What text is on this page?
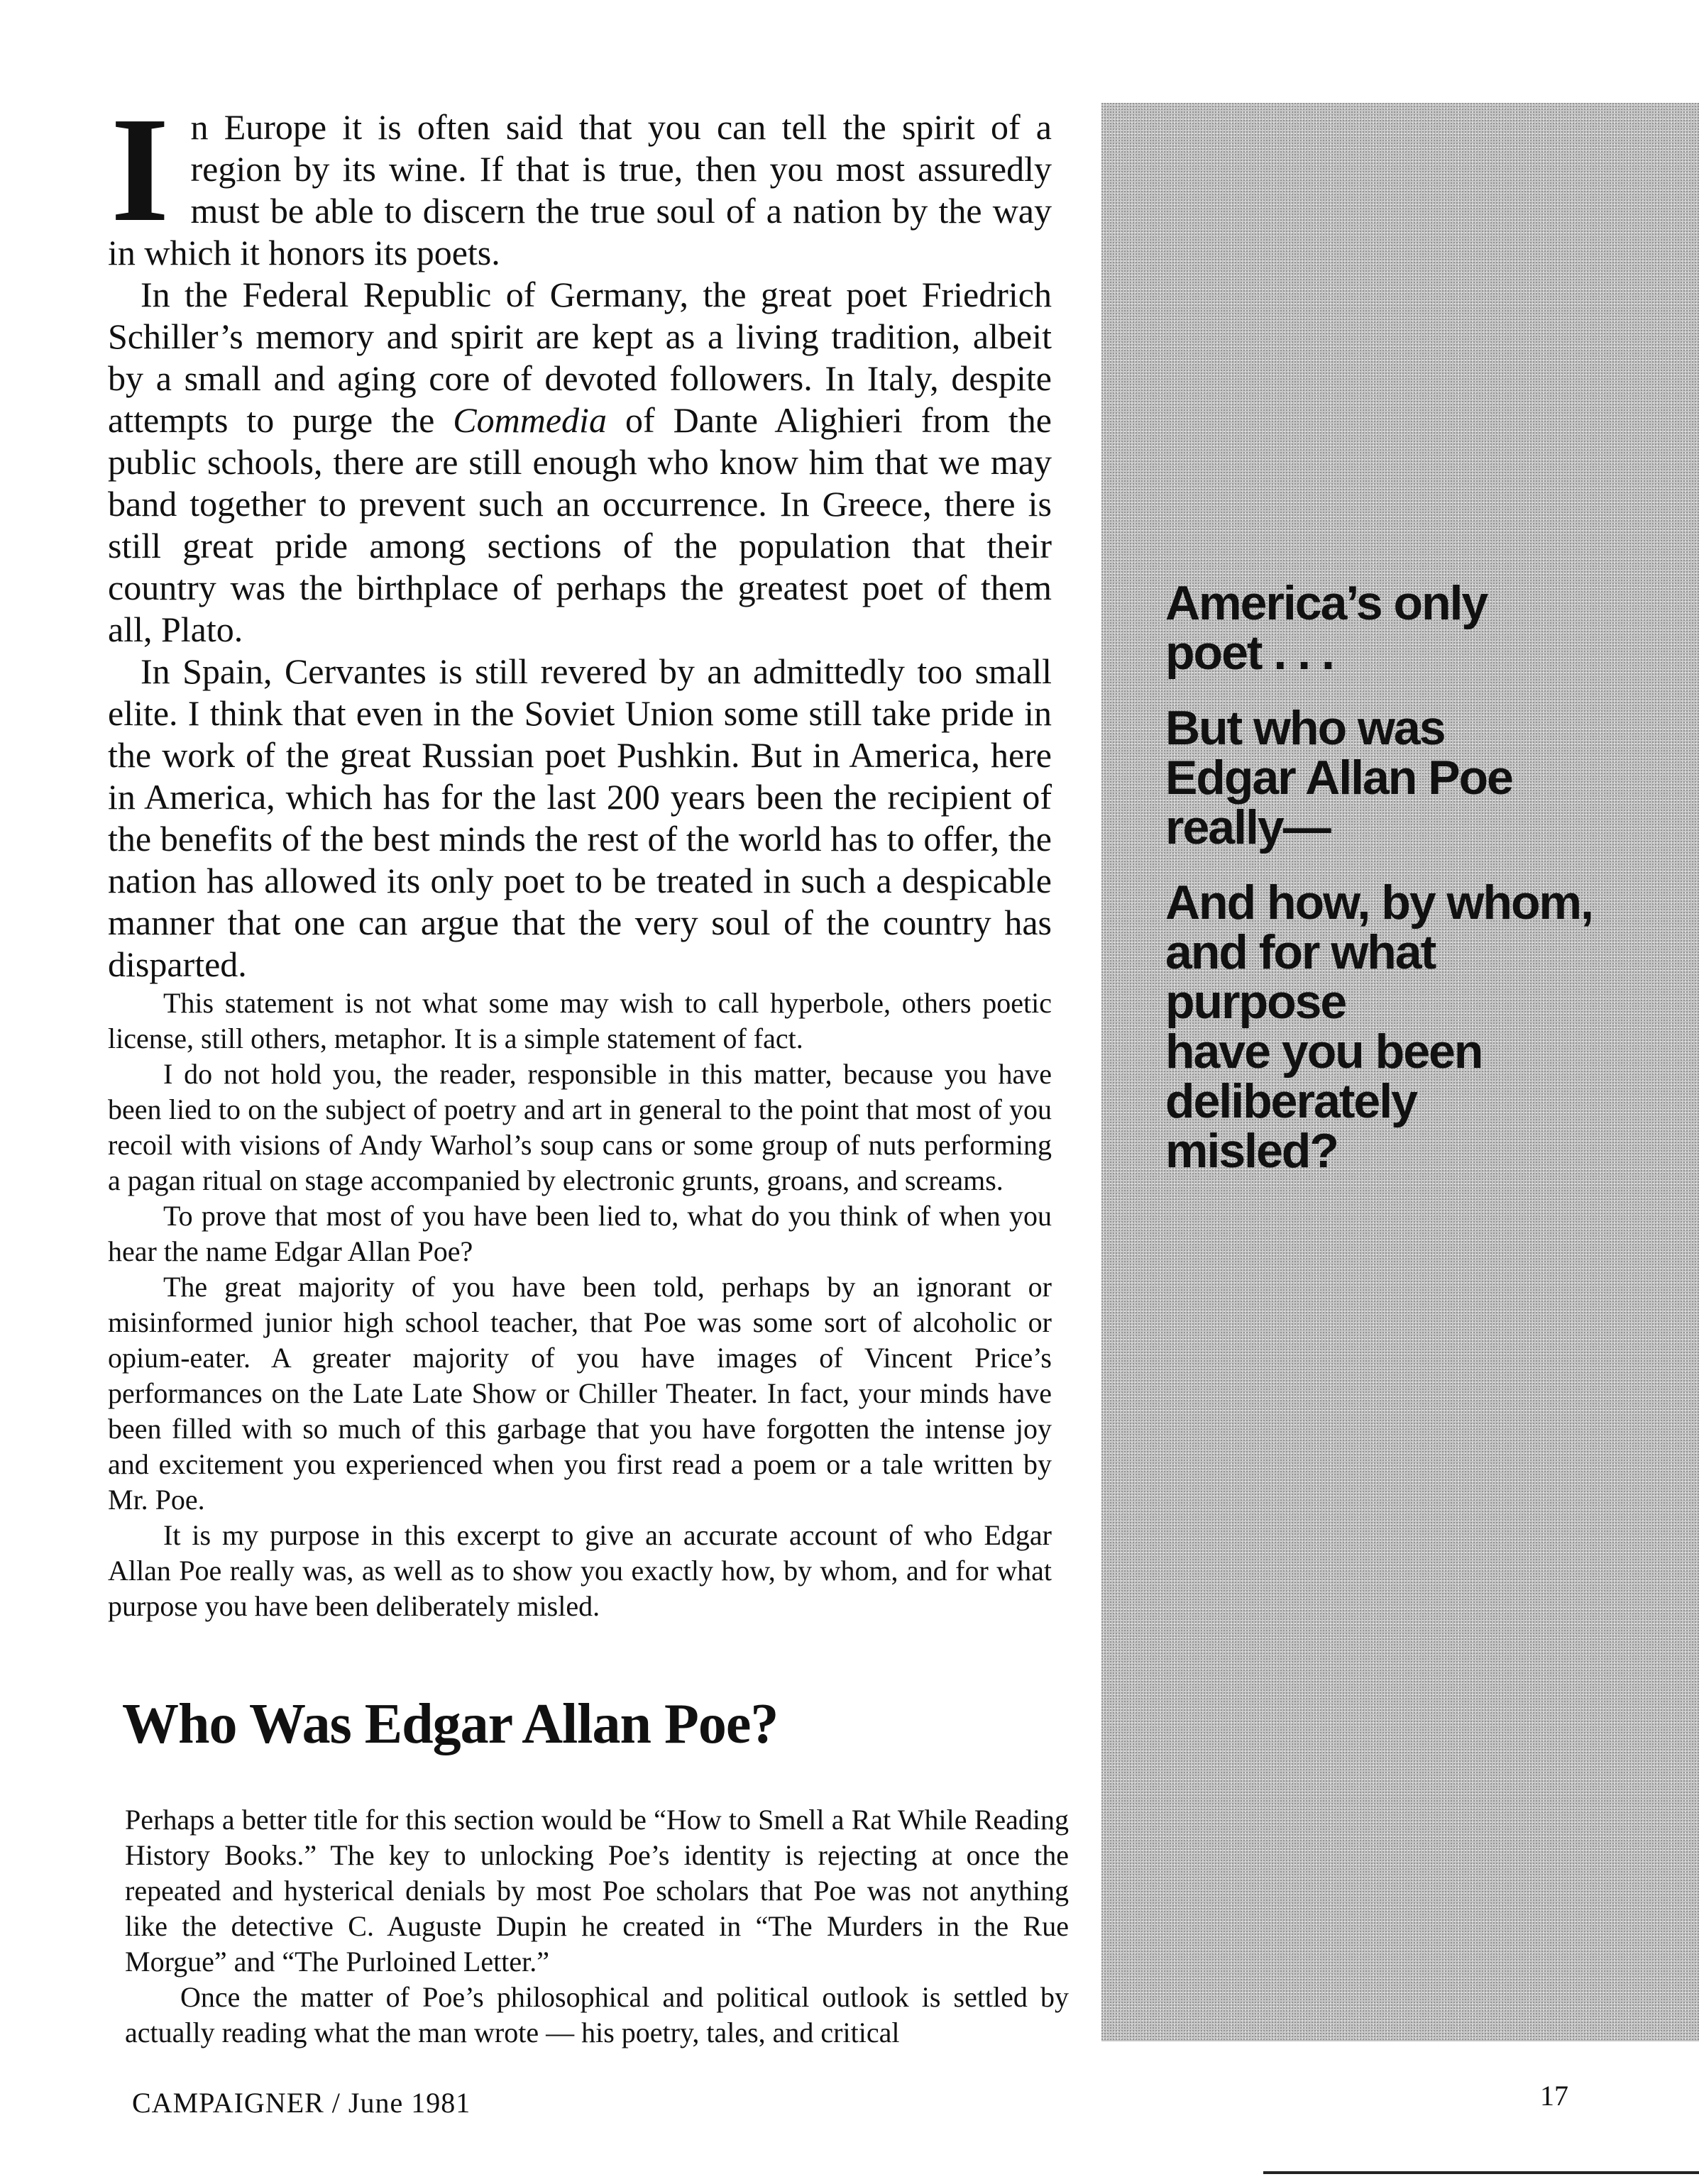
In Europe it is often said that you can tell the spirit of a region by its wine. If that is true, then you most assuredly must be able to discern the true soul of a nation by the way in which it honors its poets.

In the Federal Republic of Germany, the great poet Friedrich Schiller’s memory and spirit are kept as a living tradition, albeit by a small and aging core of devoted followers. In Italy, despite attempts to purge the Commedia of Dante Alighieri from the public schools, there are still enough who know him that we may band together to prevent such an occurrence. In Greece, there is still great pride among sections of the population that their country was the birthplace of perhaps the greatest poet of them all, Plato.

In Spain, Cervantes is still revered by an admittedly too small elite. I think that even in the Soviet Union some still take pride in the work of the great Russian poet Pushkin. But in America, here in America, which has for the last 200 years been the recipient of the benefits of the best minds the rest of the world has to offer, the nation has allowed its only poet to be treated in such a despicable manner that one can argue that the very soul of the country has disparted.

This statement is not what some may wish to call hyperbole, others poetic license, still others, metaphor. It is a simple statement of fact.

I do not hold you, the reader, responsible in this matter, because you have been lied to on the subject of poetry and art in general to the point that most of you recoil with visions of Andy Warhol’s soup cans or some group of nuts performing a pagan ritual on stage accompanied by electronic grunts, groans, and screams.

To prove that most of you have been lied to, what do you think of when you hear the name Edgar Allan Poe?

The great majority of you have been told, perhaps by an ignorant or misinformed junior high school teacher, that Poe was some sort of alcoholic or opium-eater. A greater majority of you have images of Vincent Price’s performances on the Late Late Show or Chiller Theater. In fact, your minds have been filled with so much of this garbage that you have forgotten the intense joy and excitement you experienced when you first read a poem or a tale written by Mr. Poe.

It is my purpose in this excerpt to give an accurate account of who Edgar Allan Poe really was, as well as to show you exactly how, by whom, and for what purpose you have been deliberately misled.

Who Was Edgar Allan Poe?

Perhaps a better title for this section would be “How to Smell a Rat While Reading History Books.” The key to unlocking Poe’s identity is rejecting at once the repeated and hysterical denials by most Poe scholars that Poe was not anything like the detective C. Auguste Dupin he created in “The Murders in the Rue Morgue” and “The Purloined Letter.”

Once the matter of Poe’s philosophical and political outlook is settled by actually reading what the man wrote — his poetry, tales, and critical

America’s only
poet . . .
But who was
Edgar Allan Poe
really—
And how, by whom,
and for what
purpose
have you been
deliberately
misled?
CAMPAIGNER / June 1981	17
